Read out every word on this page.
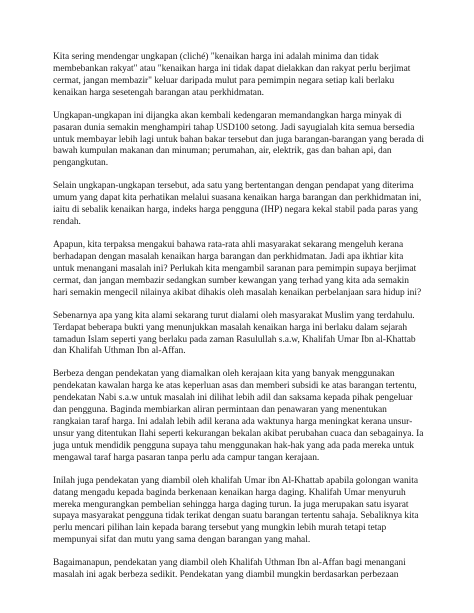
Kita sering mendengar ungkapan (cliché) "kenaikan harga ini adalah minima dan tidak membebankan rakyat" atau "kenaikan harga ini tidak dapat dielakkan dan rakyat perlu berjimat cermat, jangan membazir" keluar daripada mulut para pemimpin negara setiap kali berlaku kenaikan harga sesetengah barangan atau perkhidmatan.

Ungkapan-ungkapan ini dijangka akan kembali kedengaran memandangkan harga minyak di pasaran dunia semakin menghampiri tahap USD100 setong. Jadi sayugialah kita semua bersedia untuk membayar lebih lagi untuk bahan bakar tersebut dan juga barangan-barangan yang berada di bawah kumpulan makanan dan minuman; perumahan, air, elektrik, gas dan bahan api, dan pengangkutan.

Selain ungkapan-ungkapan tersebut, ada satu yang bertentangan dengan pendapat yang diterima umum yang dapat kita perhatikan melalui suasana kenaikan harga barangan dan perkhidmatan ini, iaitu di sebalik kenaikan harga, indeks harga pengguna (IHP) negara kekal stabil pada paras yang rendah.

Apapun, kita terpaksa mengakui bahawa rata-rata ahli masyarakat sekarang mengeluh kerana berhadapan dengan masalah kenaikan harga barangan dan perkhidmatan. Jadi apa ikhtiar kita untuk menangani masalah ini? Perlukah kita mengambil saranan para pemimpin supaya berjimat cermat, dan jangan membazir sedangkan sumber kewangan yang terhad yang kita ada semakin hari semakin mengecil nilainya akibat dihakis oleh masalah kenaikan perbelanjaan sara hidup ini?

Sebenarnya apa yang kita alami sekarang turut dialami oleh masyarakat Muslim yang terdahulu. Terdapat beberapa bukti yang menunjukkan masalah kenaikan harga ini berlaku dalam sejarah tamadun Islam seperti yang berlaku pada zaman Rasulullah s.a.w, Khalifah Umar Ibn al-Khattab dan Khalifah Uthman Ibn al-Affan.

Berbeza dengan pendekatan yang diamalkan oleh kerajaan kita yang banyak menggunakan pendekatan kawalan harga ke atas keperluan asas dan memberi subsidi ke atas barangan tertentu, pendekatan Nabi s.a.w untuk masalah ini dilihat lebih adil dan saksama kepada pihak pengeluar dan pengguna. Baginda membiarkan aliran permintaan dan penawaran yang menentukan rangkaian taraf harga. Ini adalah lebih adil kerana ada waktunya harga meningkat kerana unsur-unsur yang ditentukan Ilahi seperti kekurangan bekalan akibat perubahan cuaca dan sebagainya. Ia juga untuk mendidik pengguna supaya tahu menggunakan hak-hak yang ada pada mereka untuk mengawal taraf harga pasaran tanpa perlu ada campur tangan kerajaan.

Inilah juga pendekatan yang diambil oleh khalifah Umar ibn Al-Khattab apabila golongan wanita datang mengadu kepada baginda berkenaan kenaikan harga daging. Khalifah Umar menyuruh mereka mengurangkan pembelian sehingga harga daging turun. Ia juga merupakan satu isyarat supaya masyarakat pengguna tidak terikat dengan suatu barangan tertentu sahaja. Sebaliknya kita perlu mencari pilihan lain kepada barang tersebut yang mungkin lebih murah tetapi tetap mempunyai sifat dan mutu yang sama dengan barangan yang mahal.

Bagaimanapun, pendekatan yang diambil oleh Khalifah Uthman Ibn al-Affan bagi menangani masalah ini agak berbeza sedikit. Pendekatan yang diambil mungkin berdasarkan perbezaan
